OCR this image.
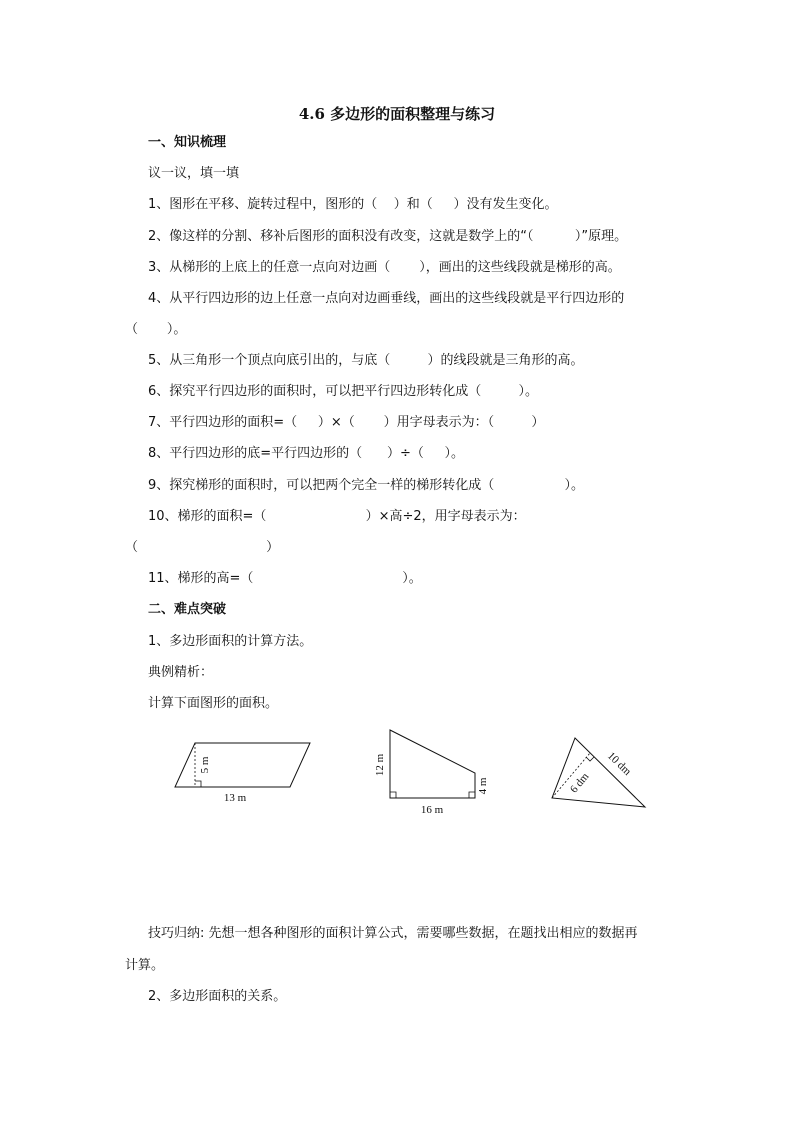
4.6 多边形的面积整理与练习
一、知识梳理
议一议，填一填
1、图形在平移、旋转过程中，图形的（    ）和（     ）没有发生变化。
2、像这样的分割、移补后图形的面积没有改变，这就是数学上的“（          ）”原理。
3、从梯形的上底上的任意一点向对边画（       ），画出的这些线段就是梯形的高。
4、从平行四边形的边上任意一点向对边画垂线，画出的这些线段就是平行四边形的
（       ）。
5、从三角形一个顶点向底引出的，与底（         ）的线段就是三角形的高。
6、探究平行四边形的面积时，可以把平行四边形转化成（         ）。
7、平行四边形的面积=（     ）×（       ）用字母表示为：（         ）
8、平行四边形的底=平行四边形的（      ）÷（     ）。
9、探究梯形的面积时，可以把两个完全一样的梯形转化成（                 ）。
10、梯形的面积=（                        ）×高÷2，用字母表示为：
（                               ）
11、梯形的高=（                                    ）。
二、难点突破
1、多边形面积的计算方法。
典例精析：
计算下面图形的面积。
5 m
13 m
12 m
16 m
4 m
10 dm
6 dm
技巧归纳: 先想一想各种图形的面积计算公式，需要哪些数据，在题找出相应的数据再
计算。
2、多边形面积的关系。
